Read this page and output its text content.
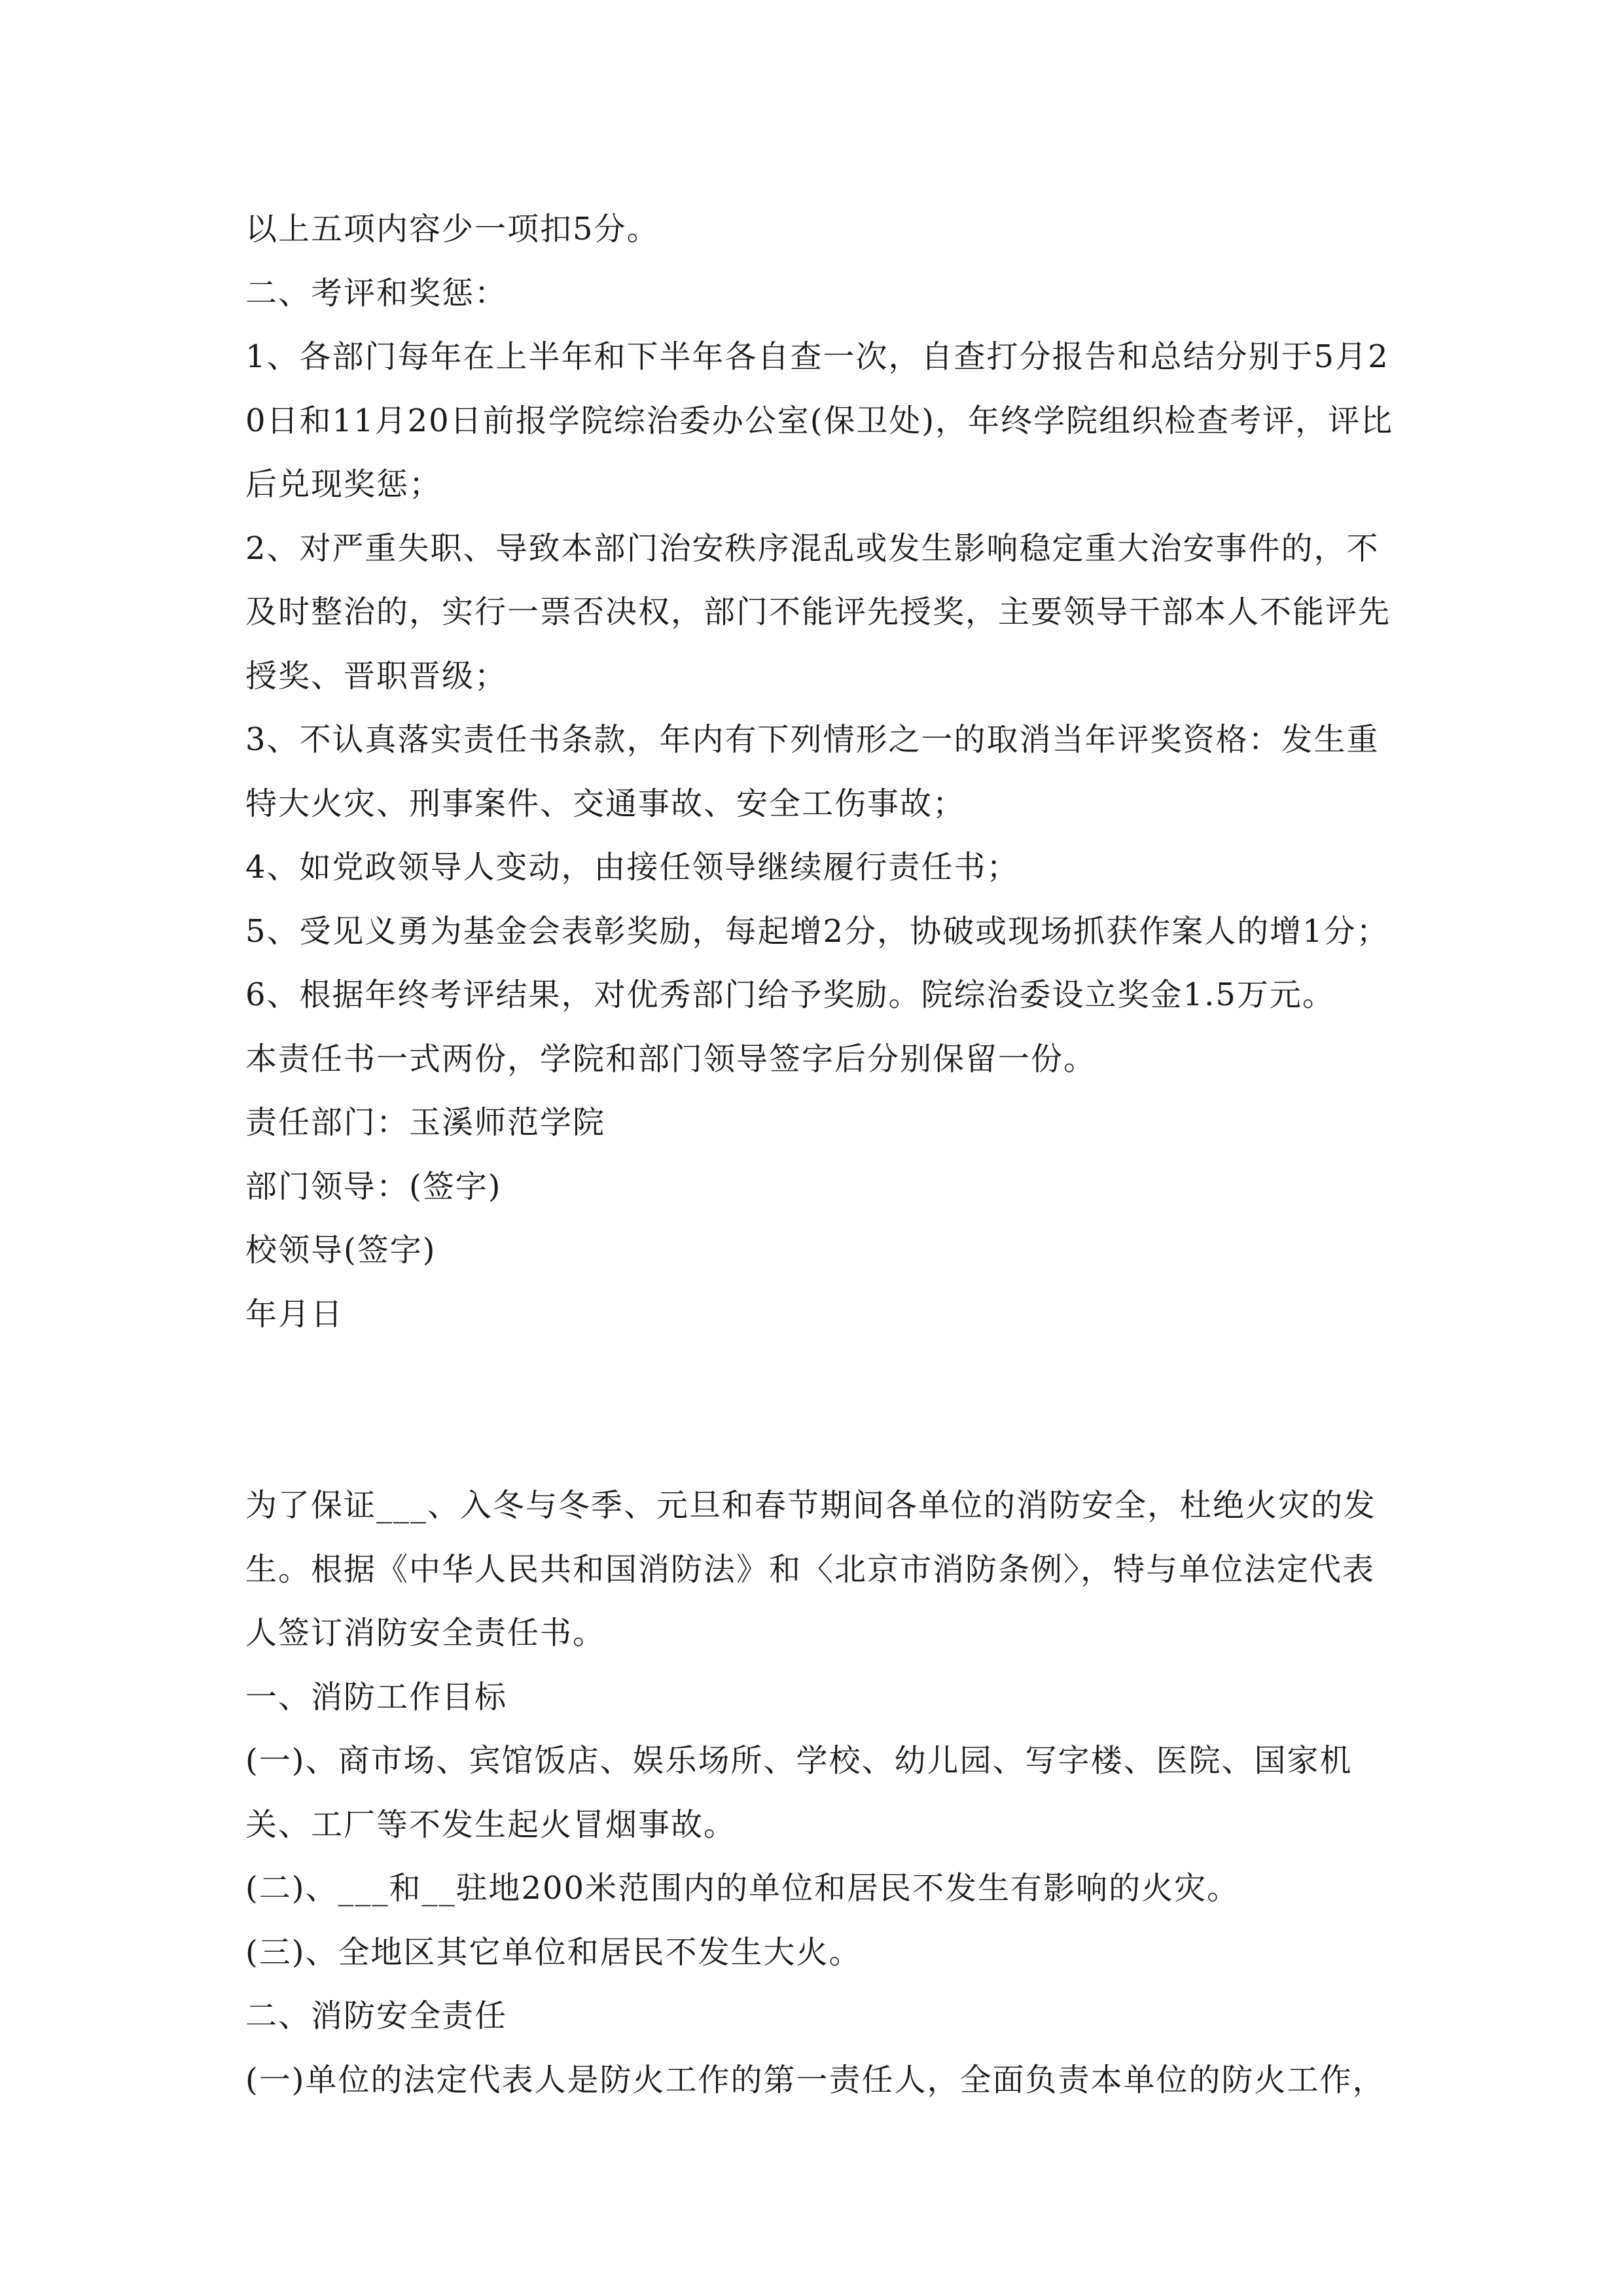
以上五项内容少一项扣5分。

二、考评和奖惩：

1、各部门每年在上半年和下半年各自查一次，自查打分报告和总结分别于5月20日和11月20日前报学院综治委办公室(保卫处)，年终学院组织检查考评，评比后兑现奖惩；

2、对严重失职、导致本部门治安秩序混乱或发生影响稳定重大治安事件的，不及时整治的，实行一票否决权，部门不能评先授奖，主要领导干部本人不能评先授奖、晋职晋级；

3、不认真落实责任书条款，年内有下列情形之一的取消当年评奖资格：发生重特大火灾、刑事案件、交通事故、安全工伤事故；

4、如党政领导人变动，由接任领导继续履行责任书；

5、受见义勇为基金会表彰奖励，每起增2分，协破或现场抓获作案人的增1分；

6、根据年终考评结果，对优秀部门给予奖励。院综治委设立奖金1.5万元。

本责任书一式两份，学院和部门领导签字后分别保留一份。

责任部门：玉溪师范学院

部门领导：(签字)

校领导(签字)

年月日

为了保证___、入冬与冬季、元旦和春节期间各单位的消防安全，杜绝火灾的发生。根据《中华人民共和国消防法》和〈北京市消防条例〉，特与单位法定代表人签订消防安全责任书。

一、消防工作目标

(一)、商市场、宾馆饭店、娱乐场所、学校、幼儿园、写字楼、医院、国家机关、工厂等不发生起火冒烟事故。

(二)、___和__驻地200米范围内的单位和居民不发生有影响的火灾。

(三)、全地区其它单位和居民不发生大火。

二、消防安全责任

(一)单位的法定代表人是防火工作的第一责任人，全面负责本单位的防火工作，
